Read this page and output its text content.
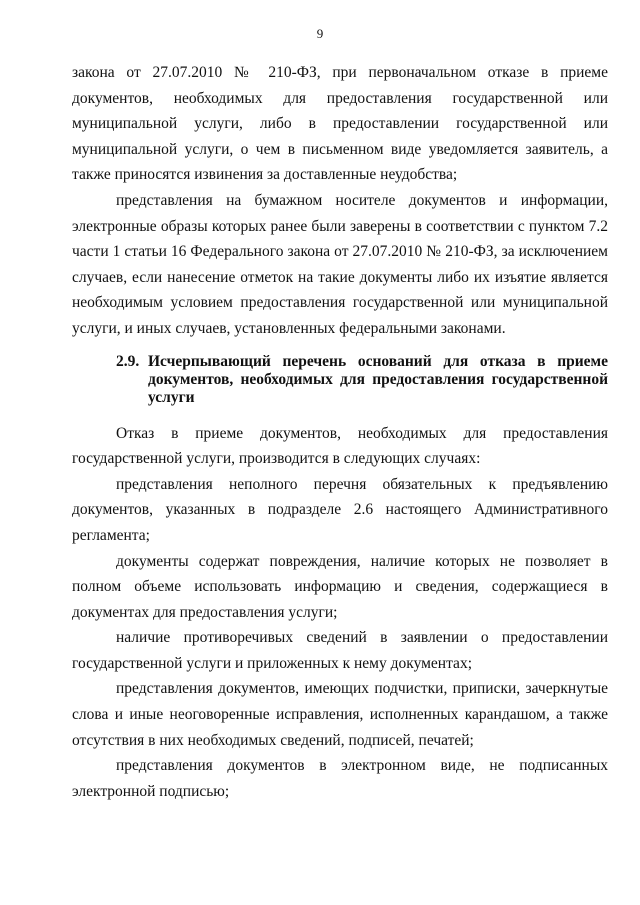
9

закона от 27.07.2010 № 210-ФЗ, при первоначальном отказе в приеме документов, необходимых для предоставления государственной или муниципальной услуги, либо в предоставлении государственной или муниципальной услуги, о чем в письменном виде уведомляется заявитель, а также приносятся извинения за доставленные неудобства;

представления на бумажном носителе документов и информации, электронные образы которых ранее были заверены в соответствии с пунктом 7.2 части 1 статьи 16 Федерального закона от 27.07.2010 № 210-ФЗ, за исключением случаев, если нанесение отметок на такие документы либо их изъятие является необходимым условием предоставления государственной или муниципальной услуги, и иных случаев, установленных федеральными законами.

2.9. Исчерпывающий перечень оснований для отказа в приеме документов, необходимых для предоставления государственной услуги

Отказ в приеме документов, необходимых для предоставления государственной услуги, производится в следующих случаях:

представления неполного перечня обязательных к предъявлению документов, указанных в подразделе 2.6 настоящего Административного регламента;

документы содержат повреждения, наличие которых не позволяет в полном объеме использовать информацию и сведения, содержащиеся в документах для предоставления услуги;

наличие противоречивых сведений в заявлении о предоставлении государственной услуги и приложенных к нему документах;

представления документов, имеющих подчистки, приписки, зачеркнутые слова и иные неоговоренные исправления, исполненных карандашом, а также отсутствия в них необходимых сведений, подписей, печатей;

представления документов в электронном виде, не подписанных электронной подписью;
